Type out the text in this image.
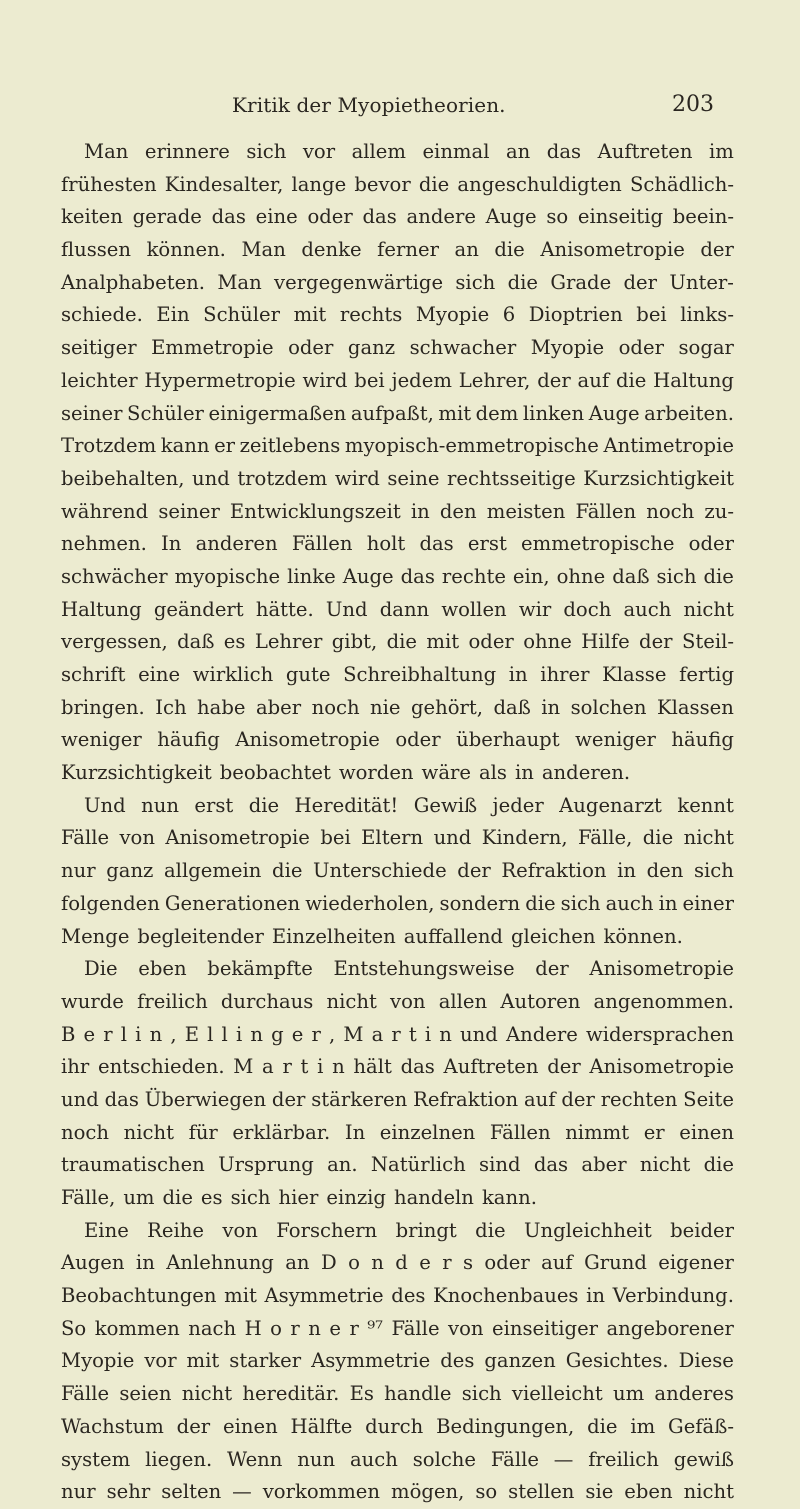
Kritik der Myopietheorien.	203
Man erinnere sich vor allem einmal an das Auftreten im
frühesten Kindesalter, lange bevor die angeschuldigten Schädlich-
keiten gerade das eine oder das andere Auge so einseitig beein-
flussen können. Man denke ferner an die Anisometropie der
Analphabeten. Man vergegenwärtige sich die Grade der Unter-
schiede. Ein Schüler mit rechts Myopie 6 Dioptrien bei links-
seitiger Emmetropie oder ganz schwacher Myopie oder sogar
leichter Hypermetropie wird bei jedem Lehrer, der auf die Haltung
seiner Schüler einigermaßen aufpaßt, mit dem linken Auge arbeiten.
Trotzdem kann er zeitlebens myopisch-emmetropische Antimetropie
beibehalten, und trotzdem wird seine rechtsseitige Kurzsichtigkeit
während seiner Entwicklungszeit in den meisten Fällen noch zu-
nehmen. In anderen Fällen holt das erst emmetropische oder
schwächer myopische linke Auge das rechte ein, ohne daß sich die
Haltung geändert hätte. Und dann wollen wir doch auch nicht
vergessen, daß es Lehrer gibt, die mit oder ohne Hilfe der Steil-
schrift eine wirklich gute Schreibhaltung in ihrer Klasse fertig
bringen. Ich habe aber noch nie gehört, daß in solchen Klassen
weniger häufig Anisometropie oder überhaupt weniger häufig
Kurzsichtigkeit beobachtet worden wäre als in anderen.
Und nun erst die Heredität! Gewiß jeder Augenarzt kennt
Fälle von Anisometropie bei Eltern und Kindern, Fälle, die nicht
nur ganz allgemein die Unterschiede der Refraktion in den sich
folgenden Generationen wiederholen, sondern die sich auch in einer
Menge begleitender Einzelheiten auffallend gleichen können.
Die eben bekämpfte Entstehungsweise der Anisometropie
wurde freilich durchaus nicht von allen Autoren angenommen.
B e r l i n , E l l i n g e r , M a r t i n und Andere widersprachen
ihr entschieden. M a r t i n hält das Auftreten der Anisometropie
und das Überwiegen der stärkeren Refraktion auf der rechten Seite
noch nicht für erklärbar. In einzelnen Fällen nimmt er einen
traumatischen Ursprung an. Natürlich sind das aber nicht die
Fälle, um die es sich hier einzig handeln kann.
Eine Reihe von Forschern bringt die Ungleichheit beider
Augen in Anlehnung an D o n d e r s oder auf Grund eigener
Beobachtungen mit Asymmetrie des Knochenbaues in Verbindung.
So kommen nach H o r n e r ⁹⁷ Fälle von einseitiger angeborener
Myopie vor mit starker Asymmetrie des ganzen Gesichtes. Diese
Fälle seien nicht hereditär. Es handle sich vielleicht um anderes
Wachstum der einen Hälfte durch Bedingungen, die im Gefäß-
system liegen. Wenn nun auch solche Fälle — freilich gewiß
nur sehr selten — vorkommen mögen, so stellen sie eben nicht
